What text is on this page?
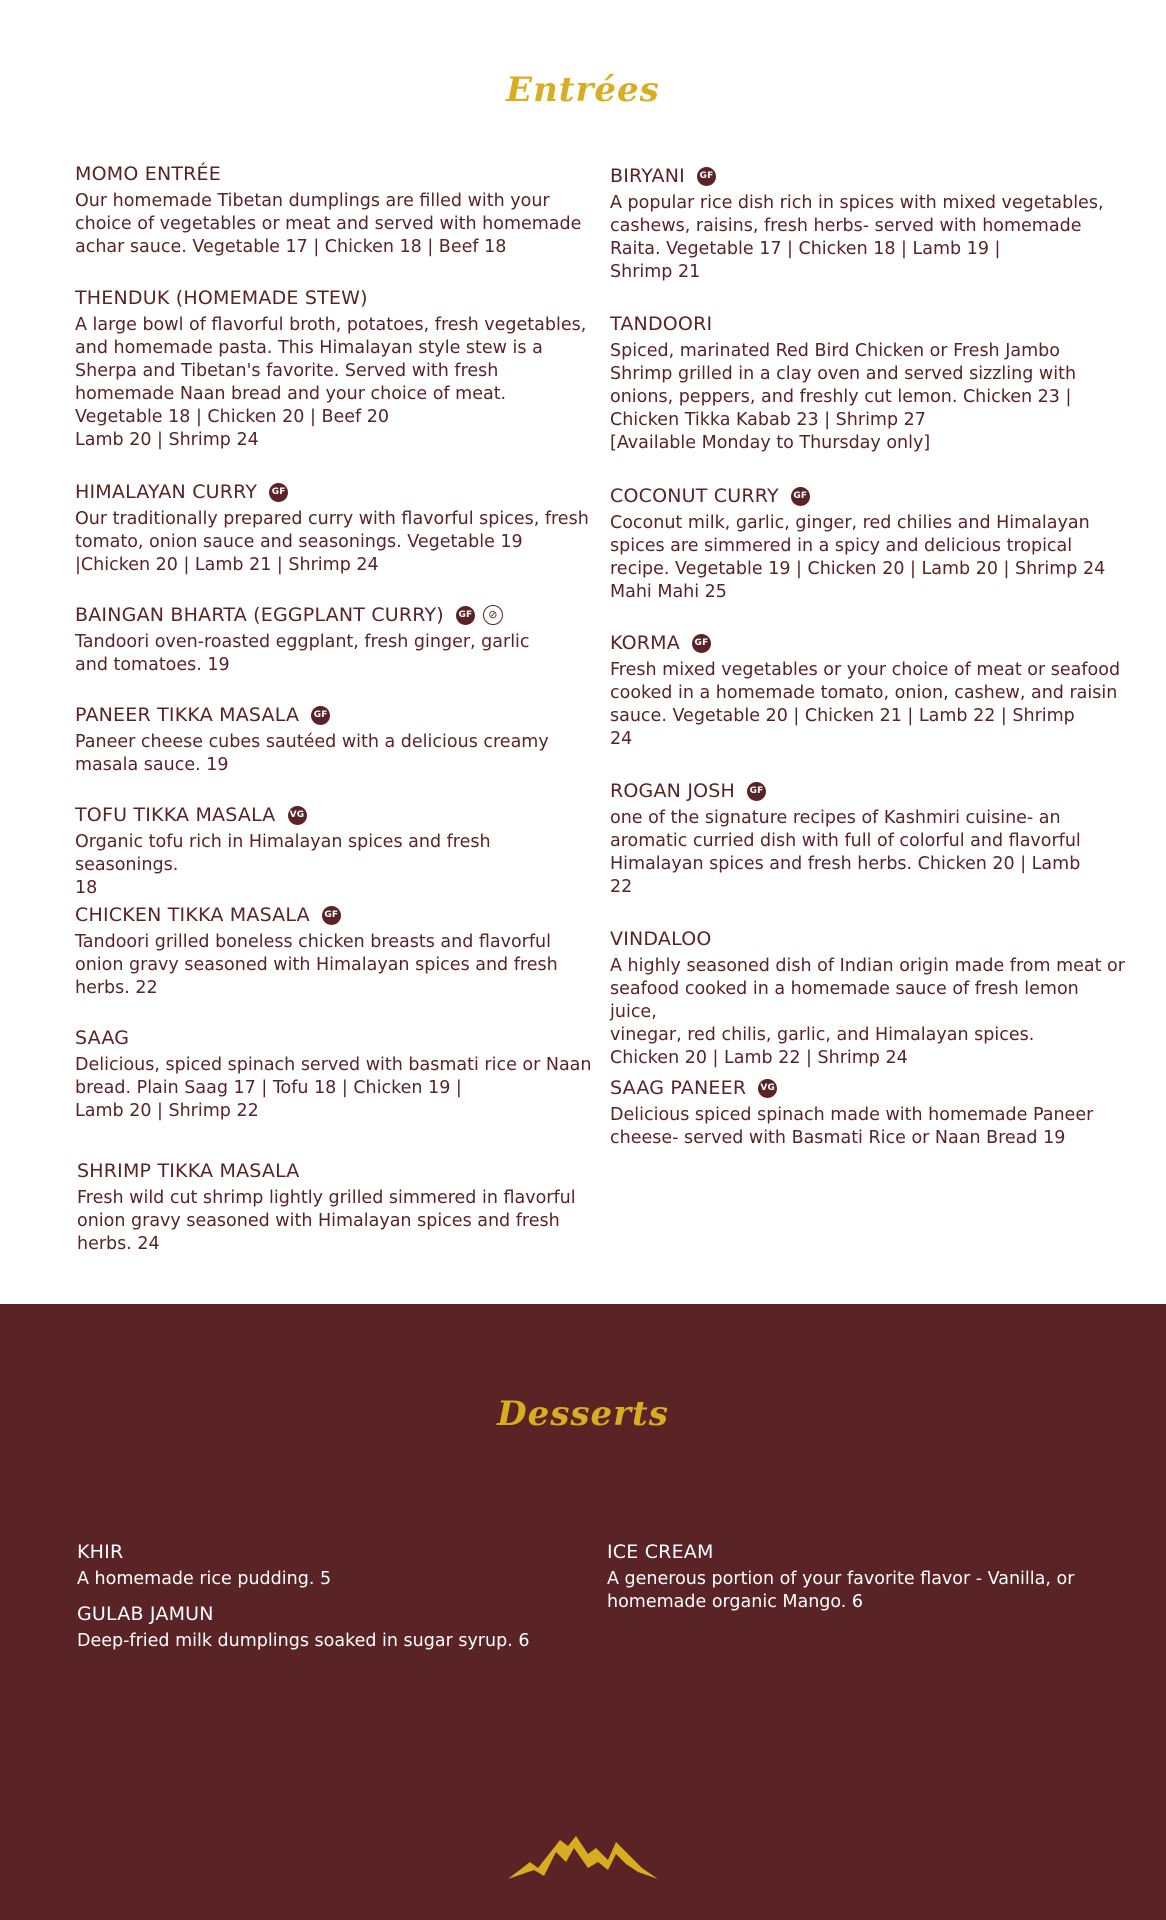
Entrées
MOMO ENTRÉE
Our homemade Tibetan dumplings are filled with your
choice of vegetables or meat and served with homemade
achar sauce. Vegetable 17 | Chicken 18 | Beef 18
THENDUK (HOMEMADE STEW)
A large bowl of flavorful broth, potatoes, fresh vegetables,
and homemade pasta. This Himalayan style stew is a
Sherpa and Tibetan's favorite. Served with fresh
homemade Naan bread and your choice of meat.
Vegetable 18 | Chicken 20 | Beef 20
Lamb 20 | Shrimp 24
HIMALAYAN CURRY GF
Our traditionally prepared curry with flavorful spices, fresh
tomato, onion sauce and seasonings. Vegetable 19
|Chicken 20 | Lamb 21 | Shrimp 24
BAINGAN BHARTA (EGGPLANT CURRY) GF	⊘
Tandoori oven-roasted eggplant, fresh ginger, garlic
and tomatoes. 19
PANEER TIKKA MASALA GF
Paneer cheese cubes sautéed with a delicious creamy
masala sauce. 19
TOFU TIKKA MASALA VG
Organic tofu rich in Himalayan spices and fresh seasonings.
18
CHICKEN TIKKA MASALA GF
Tandoori grilled boneless chicken breasts and flavorful
onion gravy seasoned with Himalayan spices and fresh
herbs. 22
SAAG
Delicious, spiced spinach served with basmati rice or Naan
bread. Plain Saag 17 | Tofu 18 | Chicken 19 |
Lamb 20 | Shrimp 22
SHRIMP TIKKA MASALA
Fresh wild cut shrimp lightly grilled simmered in flavorful
onion gravy seasoned with Himalayan spices and fresh
herbs. 24
BIRYANI GF
A popular rice dish rich in spices with mixed vegetables,
cashews, raisins, fresh herbs- served with homemade
Raita. Vegetable 17 | Chicken 18 | Lamb 19 |
Shrimp 21
TANDOORI
Spiced, marinated Red Bird Chicken or Fresh Jambo
Shrimp grilled in a clay oven and served sizzling with
onions, peppers, and freshly cut lemon. Chicken 23 |
Chicken Tikka Kabab 23 | Shrimp 27
[Available Monday to Thursday only]
COCONUT CURRY GF
Coconut milk, garlic, ginger, red chilies and Himalayan
spices are simmered in a spicy and delicious tropical
recipe. Vegetable 19 | Chicken 20 | Lamb 20 | Shrimp 24
Mahi Mahi 25
KORMA GF
Fresh mixed vegetables or your choice of meat or seafood
cooked in a homemade tomato, onion, cashew, and raisin
sauce. Vegetable 20 | Chicken 21 | Lamb 22 | Shrimp
24
ROGAN JOSH GF
one of the signature recipes of Kashmiri cuisine- an
aromatic curried dish with full of colorful and flavorful
Himalayan spices and fresh herbs. Chicken 20 | Lamb
22
VINDALOO
A highly seasoned dish of Indian origin made from meat or
seafood cooked in a homemade sauce of fresh lemon juice,
vinegar, red chilis, garlic, and Himalayan spices.
Chicken 20 | Lamb 22 | Shrimp 24
SAAG PANEER VG
Delicious spiced spinach made with homemade Paneer
cheese- served with Basmati Rice or Naan Bread 19
Desserts
KHIR
A homemade rice pudding. 5
GULAB JAMUN
Deep-fried milk dumplings soaked in sugar syrup. 6
ICE CREAM
A generous portion of your favorite flavor - Vanilla, or
homemade organic Mango. 6
